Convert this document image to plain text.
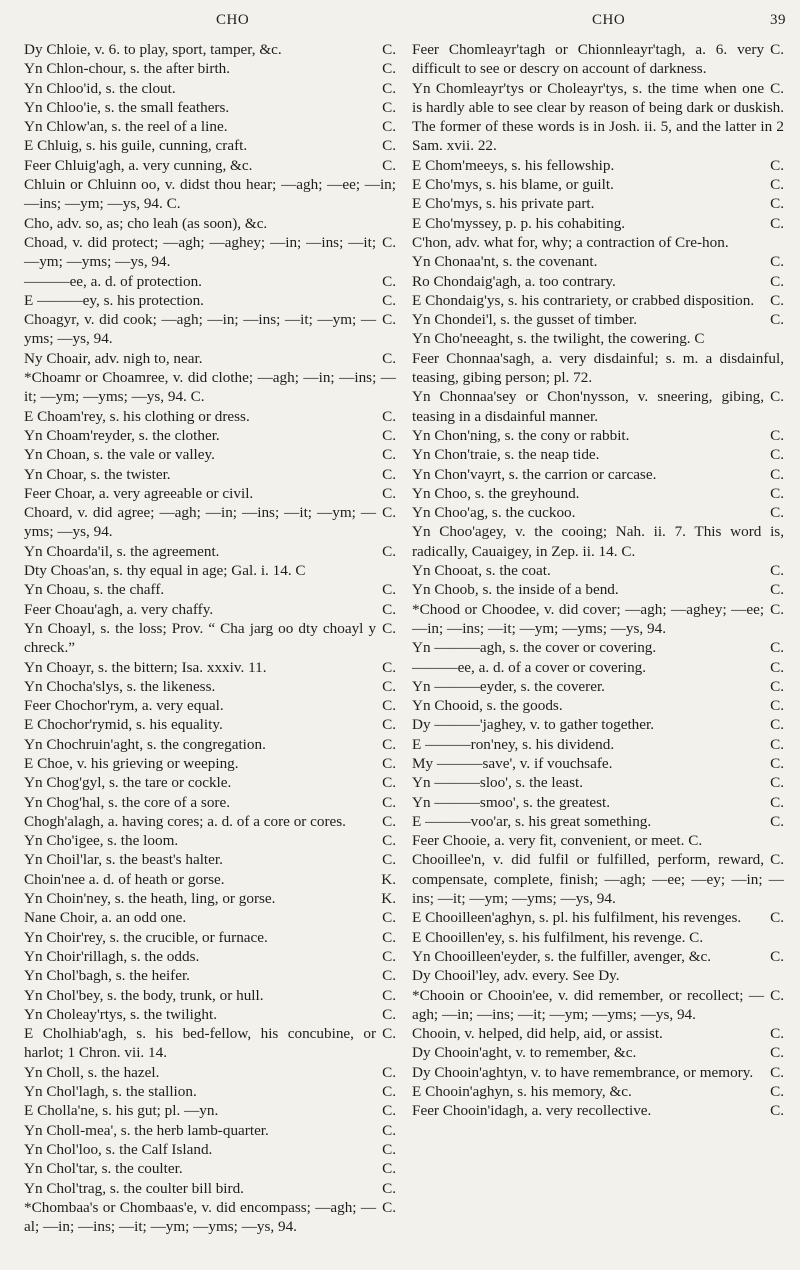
CHO	CHO	39

C.
Dy Chloie, v. 6. to play, sport, tamper, &c.

C.
Yn Chlon-chour, s. the after birth.

C.
Yn Chloo'id, s. the clout.

C.
Yn Chloo'ie, s. the small feathers.

C.
Yn Chlow'an, s. the reel of a line.

C.
E Chluig, s. his guile, cunning, craft.

C.
Feer Chluig'agh, a. very cunning, &c.

Chluin or Chluinn oo, v. didst thou hear; —agh; —ee; —in; —ins; —ym; —ys, 94. C.

Cho, adv. so, as; cho leah (as soon), &c.

C.
Choad, v. did protect; —agh; —aghey; —in; —ins; —it; —ym; —yms; —ys, 94.

C.
———ee, a. d. of protection.

C.
E ———ey, s. his protection.

C.
Choagyr, v. did cook; —agh; —in; —ins; —it; —ym; —yms; —ys, 94.

C.
Ny Choair, adv. nigh to, near.

*Choamr or Choamree, v. did clothe; —agh; —in; —ins; —it; —ym; —yms; —ys, 94. C.

C.
E Choam'rey, s. his clothing or dress.

C.
Yn Choam'reyder, s. the clother.

C.
Yn Choan, s. the vale or valley.

C.
Yn Choar, s. the twister.

C.
Feer Choar, a. very agreeable or civil.

C.
Choard, v. did agree; —agh; —in; —ins; —it; —ym; —yms; —ys, 94.

C.
Yn Choarda'il, s. the agreement.

Dty Choas'an, s. thy equal in age; Gal. i. 14. C

C.
Yn Choau, s. the chaff.

C.
Feer Choau'agh, a. very chaffy.

C.
Yn Choayl, s. the loss; Prov. “ Cha jarg oo dty choayl y chreck.”

C.
Yn Choayr, s. the bittern; Isa. xxxiv. 11.

C.
Yn Chocha'slys, s. the likeness.

C.
Feer Chochor'rym, a. very equal.

C.
E Chochor'rymid, s. his equality.

C.
Yn Chochruin'aght, s. the congregation.

C.
E Choe, v. his grieving or weeping.

C.
Yn Chog'gyl, s. the tare or cockle.

C.
Yn Chog'hal, s. the core of a sore.

C.
Chogh'alagh, a. having cores; a. d. of a core or cores.

C.
Yn Cho'igee, s. the loom.

C.
Yn Choil'lar, s. the beast's halter.

K.
Choin'nee a. d. of heath or gorse.

K.
Yn Choin'ney, s. the heath, ling, or gorse.

C.
Nane Choir, a. an odd one.

C.
Yn Choir'rey, s. the crucible, or furnace.

C.
Yn Choir'rillagh, s. the odds.

C.
Yn Chol'bagh, s. the heifer.

C.
Yn Chol'bey, s. the body, trunk, or hull.

C.
Yn Choleay'rtys, s. the twilight.

C.
E Cholhiab'agh, s. his bed-fellow, his concubine, or harlot; 1 Chron. vii. 14.

C.
Yn Choll, s. the hazel.

C.
Yn Chol'lagh, s. the stallion.

C.
E Cholla'ne, s. his gut; pl. —yn.

C.
Yn Choll-mea', s. the herb lamb-quarter.

C.
Yn Chol'loo, s. the Calf Island.

C.
Yn Chol'tar, s. the coulter.

C.
Yn Chol'trag, s. the coulter bill bird.

C.
*Chombaa's or Chombaas'e, v. did encompass; —agh; —al; —in; —ins; —it; —ym; —yms; —ys, 94.

C.
Feer Chomleayr'tagh or Chionnleayr'tagh, a. 6. very difficult to see or descry on account of darkness.

C.
Yn Chomleayr'tys or Choleayr'tys, s. the time when one is hardly able to see clear by reason of being dark or duskish. The former of these words is in Josh. ii. 5, and the latter in 2 Sam. xvii. 22.

C.
E Chom'meeys, s. his fellowship.

C.
E Cho'mys, s. his blame, or guilt.

C.
E Cho'mys, s. his private part.

C.
E Cho'myssey, p. p. his cohabiting.

C'hon, adv. what for, why; a contraction of Cre-hon.

C.
Yn Chonaa'nt, s. the covenant.

C.
Ro Chondaig'agh, a. too contrary.

C.
E Chondaig'ys, s. his contrariety, or crabbed disposition.

C.
Yn Chondei'l, s. the gusset of timber.

Yn Cho'neeaght, s. the twilight, the cowering. C

Feer Chonnaa'sagh, a. very disdainful; s. m. a disdainful, teasing, gibing person; pl. 72.

C.
Yn Chonnaa'sey or Chon'nysson, v. sneering, gibing, teasing in a disdainful manner.

C.
Yn Chon'ning, s. the cony or rabbit.

C.
Yn Chon'traie, s. the neap tide.

C.
Yn Chon'vayrt, s. the carrion or carcase.

C.
Yn Choo, s. the greyhound.

C.
Yn Choo'ag, s. the cuckoo.

Yn Choo'agey, v. the cooing; Nah. ii. 7. This word is, radically, Cauaigey, in Zep. ii. 14. C.

C.
Yn Chooat, s. the coat.

C.
Yn Choob, s. the inside of a bend.

C.
*Chood or Choodee, v. did cover; —agh; —aghey; —ee; —in; —ins; —it; —ym; —yms; —ys, 94.

C.
Yn ———agh, s. the cover or covering.

C.
———ee, a. d. of a cover or covering.

C.
Yn ———eyder, s. the coverer.

C.
Yn Chooid, s. the goods.

C.
Dy ———'jaghey, v. to gather together.

C.
E ———ron'ney, s. his dividend.

C.
My ———save', v. if vouchsafe.

C.
Yn ———sloo', s. the least.

C.
Yn ———smoo', s. the greatest.

C.
E ———voo'ar, s. his great something.

Feer Chooie, a. very fit, convenient, or meet. C.

C.
Chooillee'n, v. did fulfil or fulfilled, perform, reward, compensate, complete, finish; —agh; —ee; —ey; —in; —ins; —it; —ym; —yms; —ys, 94.

C.
E Chooilleen'aghyn, s. pl. his fulfilment, his revenges.

E Chooillen'ey, s. his fulfilment, his revenge. C.

C.
Yn Chooilleen'eyder, s. the fulfiller, avenger, &c.

Dy Chooil'ley, adv. every. See Dy.

C.
*Chooin or Chooin'ee, v. did remember, or recollect; —agh; —in; —ins; —it; —ym; —yms; —ys, 94.

C.
Chooin, v. helped, did help, aid, or assist.

C.
Dy Chooin'aght, v. to remember, &c.

C.
Dy Chooin'aghtyn, v. to have remembrance, or memory.

C.
E Chooin'aghyn, s. his memory, &c.

C.
Feer Chooin'idagh, a. very recollective.
